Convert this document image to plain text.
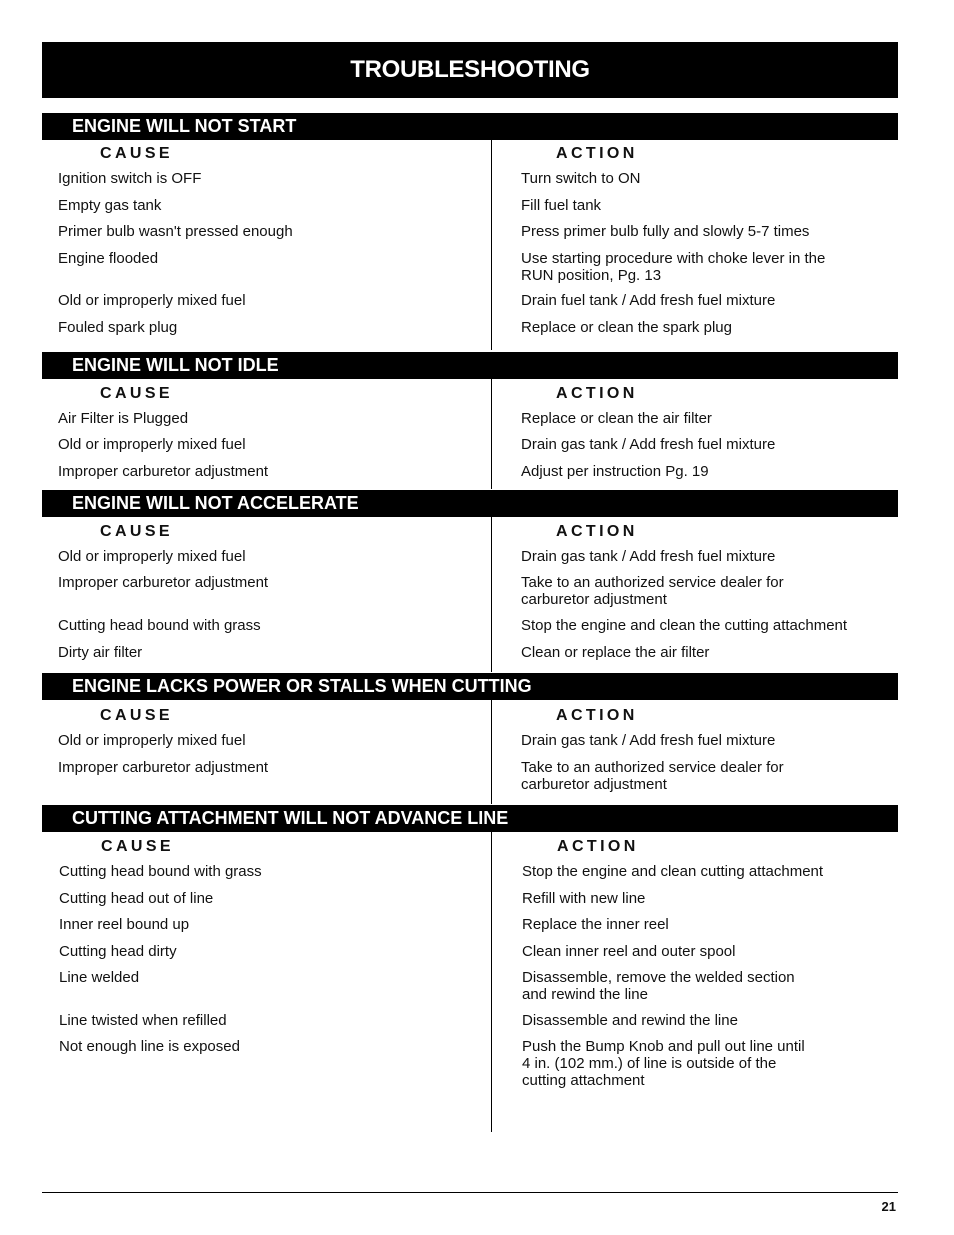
TROUBLESHOOTING
ENGINE WILL NOT START
CAUSE	ACTION
Ignition switch is OFF	Turn switch to ON
Empty gas tank	Fill fuel tank
Primer bulb wasn't pressed enough	Press primer bulb fully and slowly 5-7 times
Engine flooded	Use starting procedure with choke lever in the
RUN position, Pg. 13
Old or improperly mixed fuel	Drain fuel tank / Add fresh fuel mixture
Fouled spark plug	Replace or clean the spark plug
ENGINE WILL NOT IDLE
CAUSE	ACTION
Air Filter is Plugged	Replace or clean the air filter
Old or improperly mixed fuel	Drain gas tank / Add fresh fuel mixture
Improper carburetor adjustment	Adjust per instruction Pg. 19
ENGINE WILL NOT ACCELERATE
CAUSE	ACTION
Old or improperly mixed fuel	Drain gas tank / Add fresh fuel mixture
Improper carburetor adjustment	Take to an authorized service dealer for
carburetor adjustment
Cutting head bound with grass	Stop the engine and clean the cutting attachment
Dirty air filter	Clean or replace the air filter
ENGINE LACKS POWER OR STALLS WHEN CUTTING
CAUSE	ACTION
Old or improperly mixed fuel	Drain gas tank / Add fresh fuel mixture
Improper carburetor adjustment	Take to an authorized service dealer for
carburetor adjustment
CUTTING ATTACHMENT WILL NOT ADVANCE LINE
CAUSE	ACTION
Cutting head bound with grass	Stop the engine and clean cutting attachment
Cutting head out of line	Refill with new line
Inner reel bound up	Replace the inner reel
Cutting head dirty	Clean inner reel and outer spool
Line welded	Disassemble, remove the welded section
and rewind the line
Line twisted when refilled	Disassemble and rewind the line
Not enough line is exposed	Push the Bump Knob and pull out line until
4 in. (102 mm.) of line is outside of the
cutting attachment
21
